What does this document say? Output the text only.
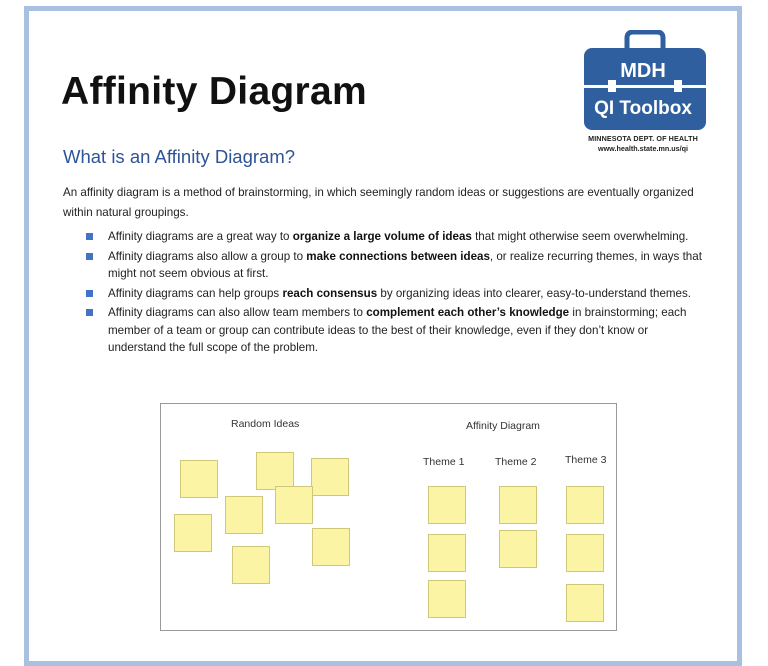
Affinity Diagram	MDH
QI Toolbox
MINNESOTA DEPT. OF HEALTH
www.health.state.mn.us/qi
What is an Affinity Diagram?

An affinity diagram is a method of brainstorming, in which seemingly random ideas or suggestions are eventually organized within natural groupings.

Affinity diagrams are a great way to organize a large volume of ideas that might otherwise seem overwhelming.
Affinity diagrams also allow a group to make connections between ideas, or realize recurring themes, in ways that might not seem obvious at first.
Affinity diagrams can help groups reach consensus by organizing ideas into clearer, easy-to-understand themes.
Affinity diagrams can also allow team members to complement each other’s knowledge in brainstorming; each member of a team or group can contribute ideas to the best of their knowledge, even if they don’t know or understand the full scope of the problem.
Random Ideas	Affinity Diagram
Theme 1	Theme 2	Theme 3
